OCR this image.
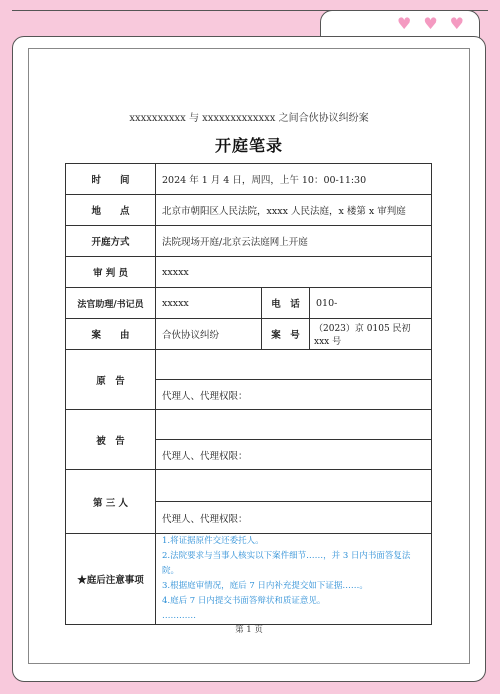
♥ ♥ ♥
xxxxxxxxxx 与 xxxxxxxxxxxxx 之间合伙协议纠纷案
开庭笔录
时　　间	2024 年 1 月 4 日，周四，上午 10：00-11:30		
地　　点	北京市朝阳区人民法院，xxxx 人民法庭，x 楼第 x 审判庭		
开庭方式	法院现场开庭/北京云法庭网上开庭		
审 判 员	xxxxx		
法官助理/书记员	xxxxx	电　话	010-
案　　由	合伙协议纠纷	案　号	（2023）京 0105 民初 xxx 号
原　告			
	代理人、代理权限：		
被　告			
	代理人、代理权限：		
第 三 人			
	代理人、代理权限：		
★庭后注意事项	1.将证据原件交还委托人。
2.法院要求与当事人核实以下案件细节……，并 3 日内书面答复法院。
3.根据庭审情况，庭后 7 日内补充提交如下证据……。
4.庭后 7 日内提交书面答辩状和质证意见。
…………		
第 1 页
